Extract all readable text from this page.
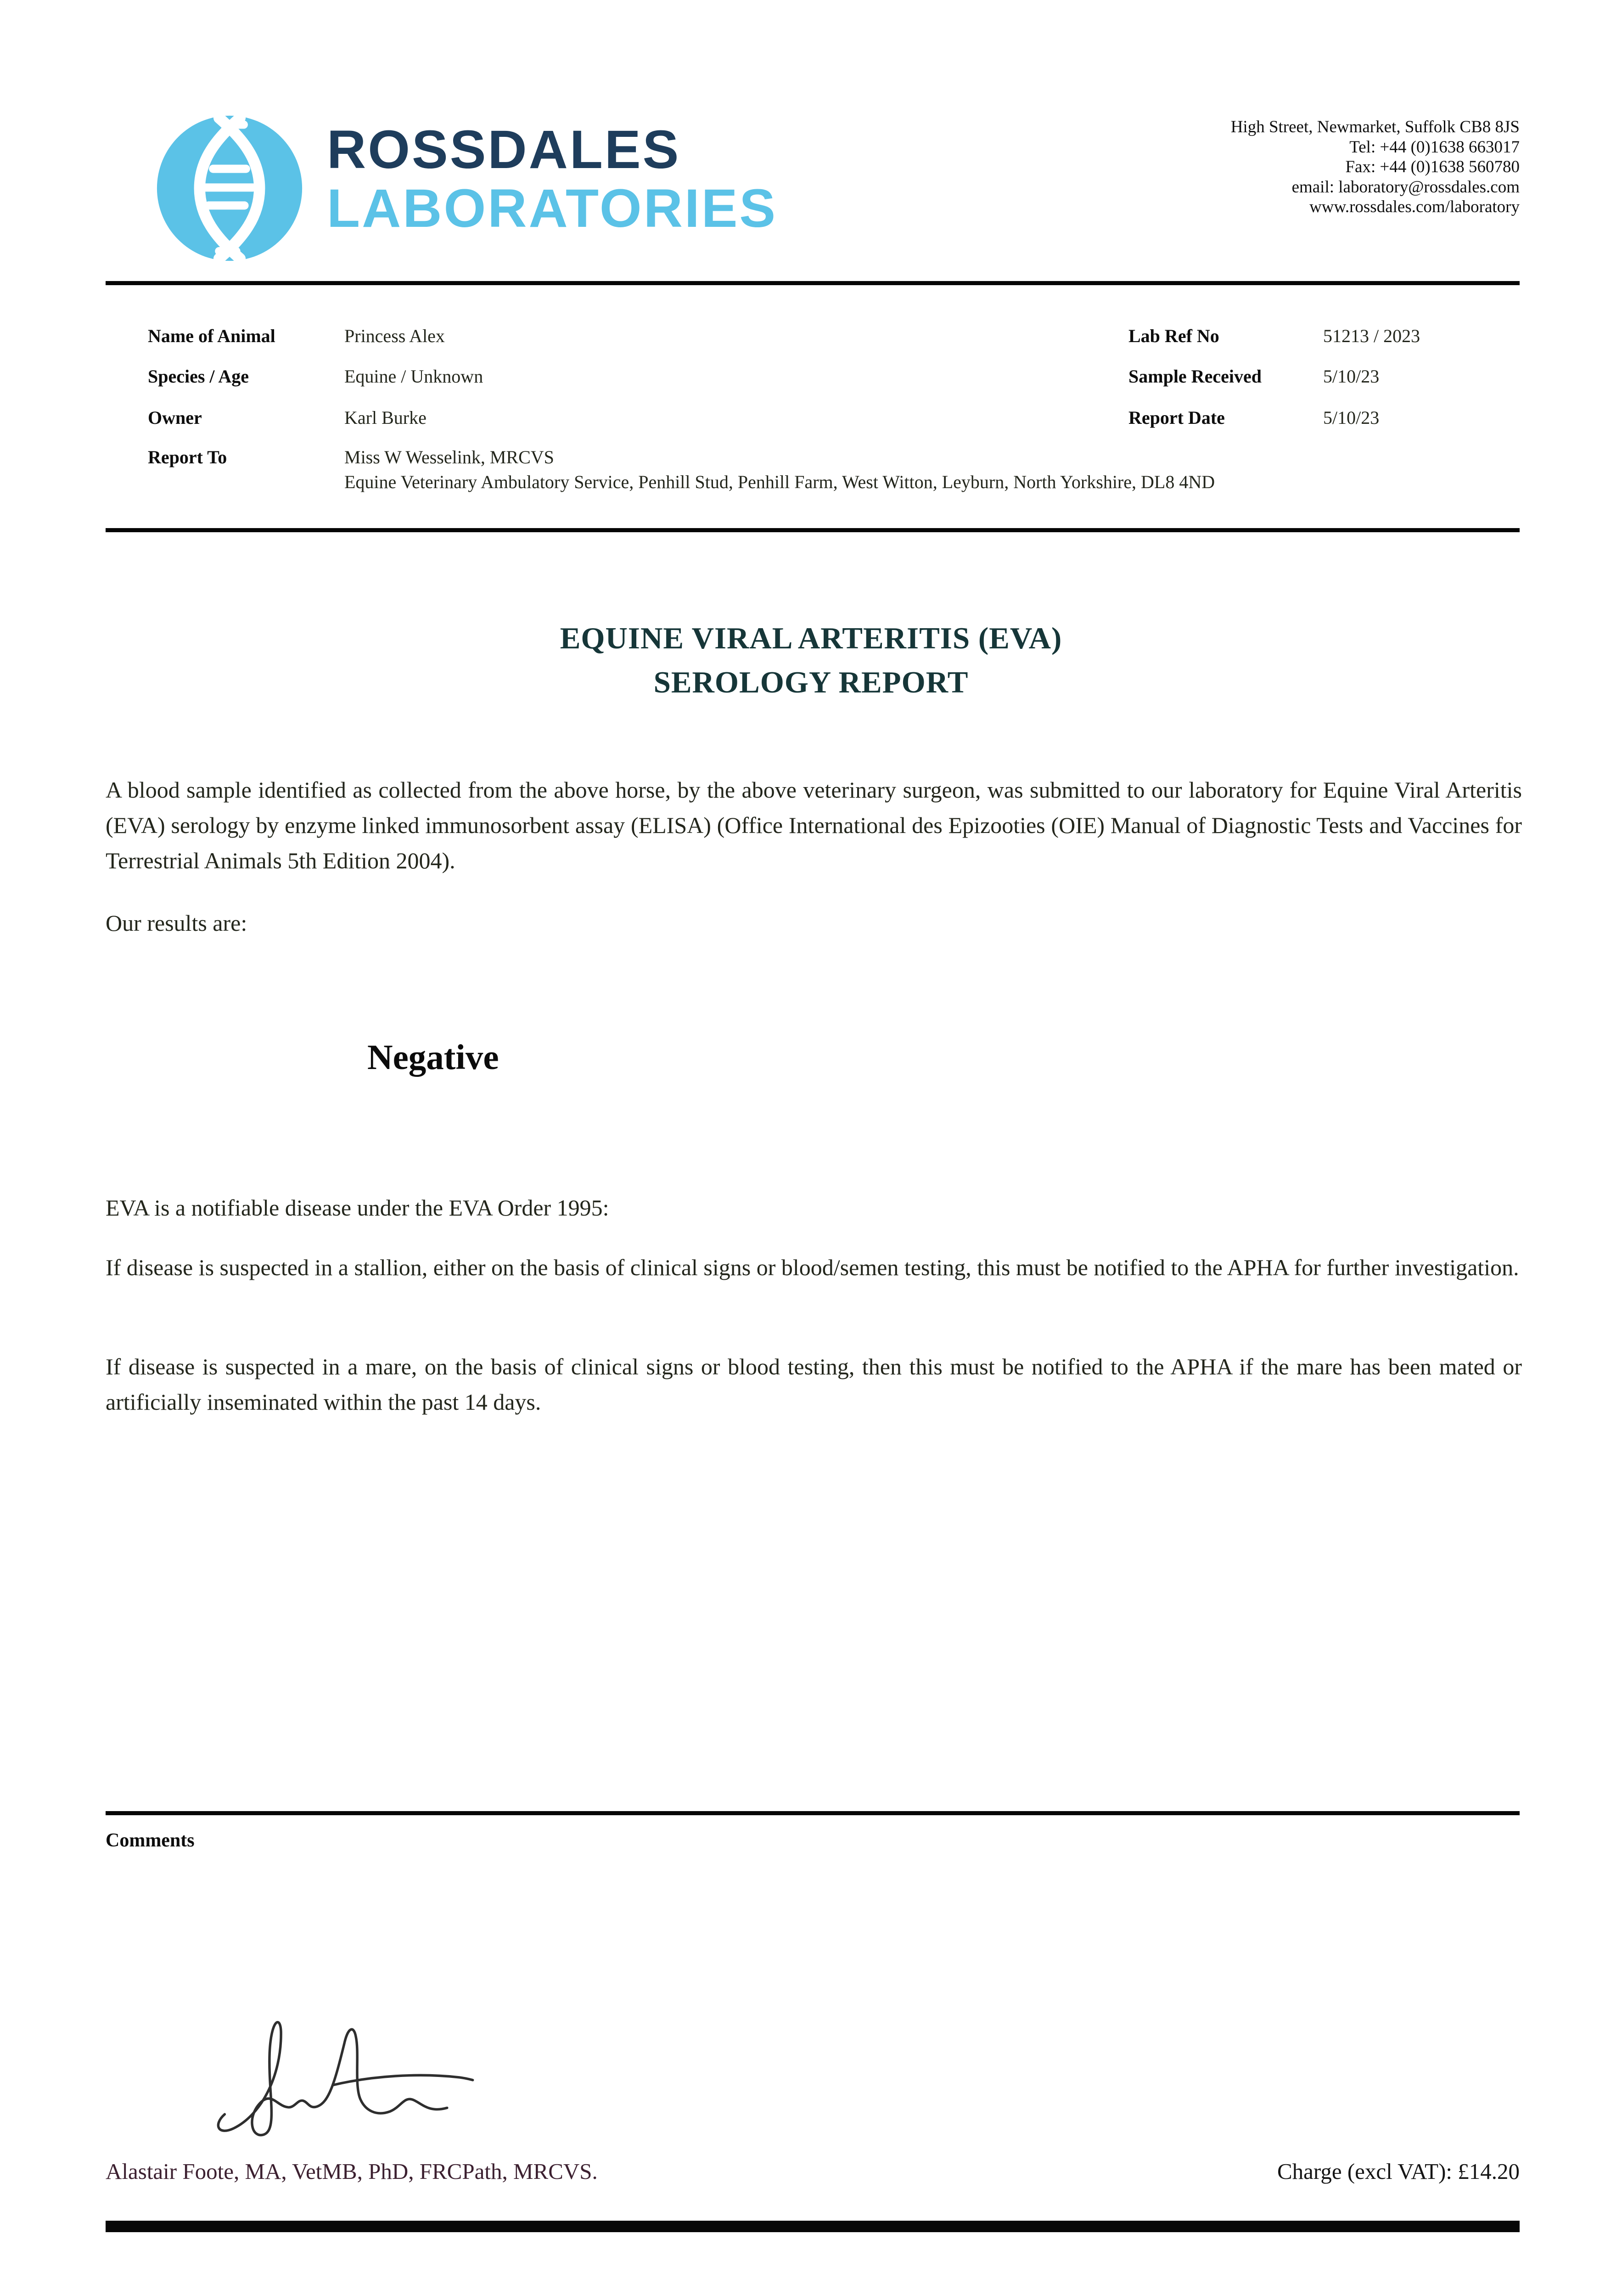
ROSSDALES
LABORATORIES
High Street, Newmarket, Suffolk CB8 8JS
Tel: +44 (0)1638 663017
Fax: +44 (0)1638 560780
email: laboratory@rossdales.com
www.rossdales.com/laboratory
Name of Animal	Princess Alex	Lab Ref No	51213 / 2023
Species / Age	Equine / Unknown	Sample Received	5/10/23
Owner	Karl Burke	Report Date	5/10/23
Report To	Miss W Wesselink, MRCVS
Equine Veterinary Ambulatory Service, Penhill Stud, Penhill Farm, West Witton, Leyburn, North Yorkshire, DL8 4ND
EQUINE VIRAL ARTERITIS (EVA)
SEROLOGY REPORT
A blood sample identified as collected from the above horse, by the above veterinary surgeon, was submitted to our laboratory for Equine Viral Arteritis (EVA) serology by enzyme linked immunosorbent assay (ELISA) (Office International des Epizooties (OIE) Manual of Diagnostic Tests and Vaccines for Terrestrial Animals 5th Edition 2004).
Our results are:
Negative
EVA is a notifiable disease under the EVA Order 1995:
If disease is suspected in a stallion, either on the basis of clinical signs or blood/semen testing, this must be notified to the APHA for further investigation.
If disease is suspected in a mare, on the basis of clinical signs or blood testing, then this must be notified to the APHA if the mare has been mated or artificially inseminated within the past 14 days.
Comments
Alastair Foote, MA, VetMB, PhD, FRCPath, MRCVS.	Charge (excl VAT): £14.20
